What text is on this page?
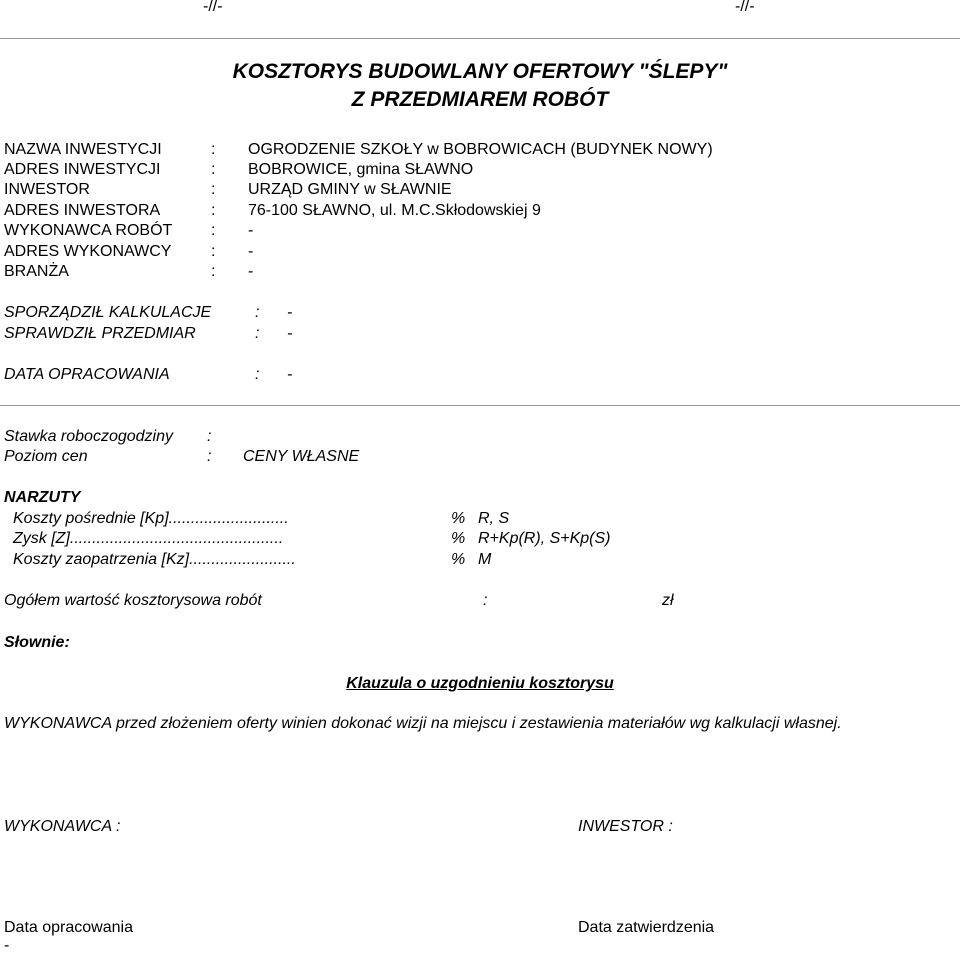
-//-	-//-
KOSZTORYS BUDOWLANY OFERTOWY "ŚLEPY"
Z PRZEDMIAREM ROBÓT
NAZWA INWESTYCJI	: OGRODZENIE SZKOŁY w BOBROWICACH (BUDYNEK NOWY)
ADRES INWESTYCJI	: BOBROWICE, gmina SŁAWNO
INWESTOR	: URZĄD GMINY w SŁAWNIE
ADRES INWESTORA	: 76-100 SŁAWNO, ul. M.C.Skłodowskiej 9
WYKONAWCA ROBÓT : -
ADRES WYKONAWCY : -
BRANŻA	: -
SPORZĄDZIŁ KALKULACJE	: -
SPRAWDZIŁ PRZEDMIAR	: -
DATA OPRACOWANIA	: -
Stawka roboczogodziny :
Poziom cen	: CENY WŁASNE
NARZUTY
Koszty pośrednie [Kp]...........................	% R, S
Zysk [Z]................................................	% R+Kp(R), S+Kp(S)
Koszty zaopatrzenia [Kz]........................	% M
Ogółem wartość kosztorysowa robót	:	zł
Słownie:
Klauzula o uzgodnieniu kosztorysu
WYKONAWCA przed złożeniem oferty winien dokonać wizji na miejscu i zestawienia materiałów wg kalkulacji własnej.
WYKONAWCA :	INWESTOR :
Data opracowania
-
Data zatwierdzenia
